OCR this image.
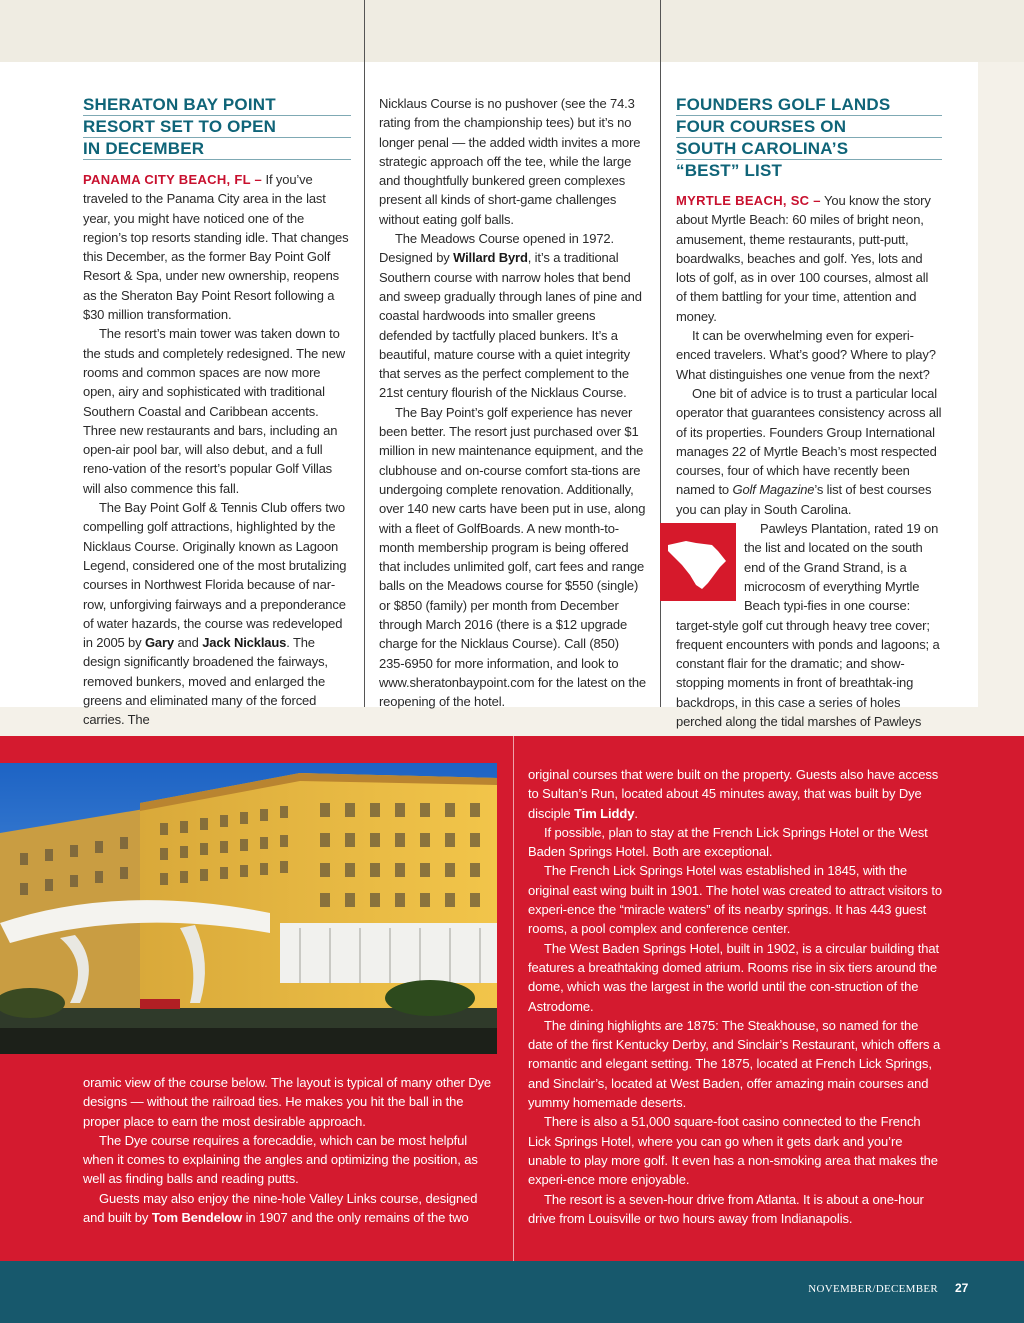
SHERATON BAY POINT
RESORT SET TO OPEN
IN DECEMBER

PANAMA CITY BEACH, FL – If you’ve traveled to the Panama City area in the last year, you might have noticed one of the region’s top resorts standing idle. That changes this December, as the former Bay Point Golf Resort & Spa, under new ownership, reopens as the Sheraton Bay Point Resort following a $30 million transformation.

The resort’s main tower was taken down to the studs and completely redesigned. The new rooms and common spaces are now more open, airy and sophisticated with traditional Southern Coastal and Caribbean accents. Three new restaurants and bars, including an open-air pool bar, will also debut, and a full reno-vation of the resort’s popular Golf Villas will also commence this fall.

The Bay Point Golf & Tennis Club offers two compelling golf attractions, highlighted by the Nicklaus Course. Originally known as Lagoon Legend, considered one of the most brutalizing courses in Northwest Florida because of nar-row, unforgiving fairways and a preponderance of water hazards, the course was redeveloped in 2005 by Gary and Jack Nicklaus. The design significantly broadened the fairways, removed bunkers, moved and enlarged the greens and eliminated many of the forced carries. The

Nicklaus Course is no pushover (see the 74.3 rating from the championship tees) but it’s no longer penal — the added width invites a more strategic approach off the tee, while the large and thoughtfully bunkered green complexes present all kinds of short-game challenges without eating golf balls.

The Meadows Course opened in 1972. Designed by Willard Byrd, it’s a traditional Southern course with narrow holes that bend and sweep gradually through lanes of pine and coastal hardwoods into smaller greens defended by tactfully placed bunkers. It’s a beautiful, mature course with a quiet integrity that serves as the perfect complement to the 21st century flourish of the Nicklaus Course.

The Bay Point’s golf experience has never been better. The resort just purchased over $1 million in new maintenance equipment, and the clubhouse and on-course comfort sta-tions are undergoing complete renovation. Additionally, over 140 new carts have been put in use, along with a fleet of GolfBoards. A new month-to-month membership program is being offered that includes unlimited golf, cart fees and range balls on the Meadows course for $550 (single) or $850 (family) per month from December through March 2016 (there is a $12 upgrade charge for the Nicklaus Course). Call (850) 235-6950 for more information, and look to www.sheratonbaypoint.com for the latest on the reopening of the hotel.

FOUNDERS GOLF LANDS
FOUR COURSES ON
SOUTH CAROLINA’S
“BEST” LIST

MYRTLE BEACH, SC – You know the story about Myrtle Beach: 60 miles of bright neon, amusement, theme restaurants, putt-putt, boardwalks, beaches and golf. Yes, lots and lots of golf, as in over 100 courses, almost all of them battling for your time, attention and money.

It can be overwhelming even for experi-enced travelers. What’s good? Where to play? What distinguishes one venue from the next?

One bit of advice is to trust a particular local operator that guarantees consistency across all of its properties. Founders Group International manages 22 of Myrtle Beach’s most respected courses, four of which have recently been named to Golf Magazine’s list of best courses you can play in South Carolina.

Pawleys Plantation, rated 19 on the list and located on the south end of the Grand Strand, is a microcosm of everything Myrtle Beach typi-fies in one course: target-style golf cut through heavy tree cover; frequent encounters with ponds and lagoons; a constant flair for the dramatic; and show-stopping moments in front of breathtak-ing backdrops, in this case a series of holes perched along the tidal marshes of Pawleys

oramic view of the course below. The layout is typical of many other Dye designs — without the railroad ties. He makes you hit the ball in the proper place to earn the most desirable approach.

The Dye course requires a forecaddie, which can be most helpful when it comes to explaining the angles and optimizing the position, as well as finding balls and reading putts.

Guests may also enjoy the nine-hole Valley Links course, designed and built by Tom Bendelow in 1907 and the only remains of the two

original courses that were built on the property. Guests also have access to Sultan’s Run, located about 45 minutes away, that was built by Dye disciple Tim Liddy.

If possible, plan to stay at the French Lick Springs Hotel or the West Baden Springs Hotel. Both are exceptional.

The French Lick Springs Hotel was established in 1845, with the original east wing built in 1901. The hotel was created to attract visitors to experi-ence the “miracle waters” of its nearby springs. It has 443 guest rooms, a pool complex and conference center.

The West Baden Springs Hotel, built in 1902, is a circular building that features a breathtaking domed atrium. Rooms rise in six tiers around the dome, which was the largest in the world until the con-struction of the Astrodome.

The dining highlights are 1875: The Steakhouse, so named for the date of the first Kentucky Derby, and Sinclair’s Restaurant, which offers a romantic and elegant setting. The 1875, located at French Lick Springs, and Sinclair’s, located at West Baden, offer amazing main courses and yummy homemade deserts.

There is also a 51,000 square-foot casino connected to the French Lick Springs Hotel, where you can go when it gets dark and you’re unable to play more golf. It even has a non-smoking area that makes the experi-ence more enjoyable.

The resort is a seven-hour drive from Atlanta. It is about a one-hour drive from Louisville or two hours away from Indianapolis.

NOVEMBER/DECEMBER 27
